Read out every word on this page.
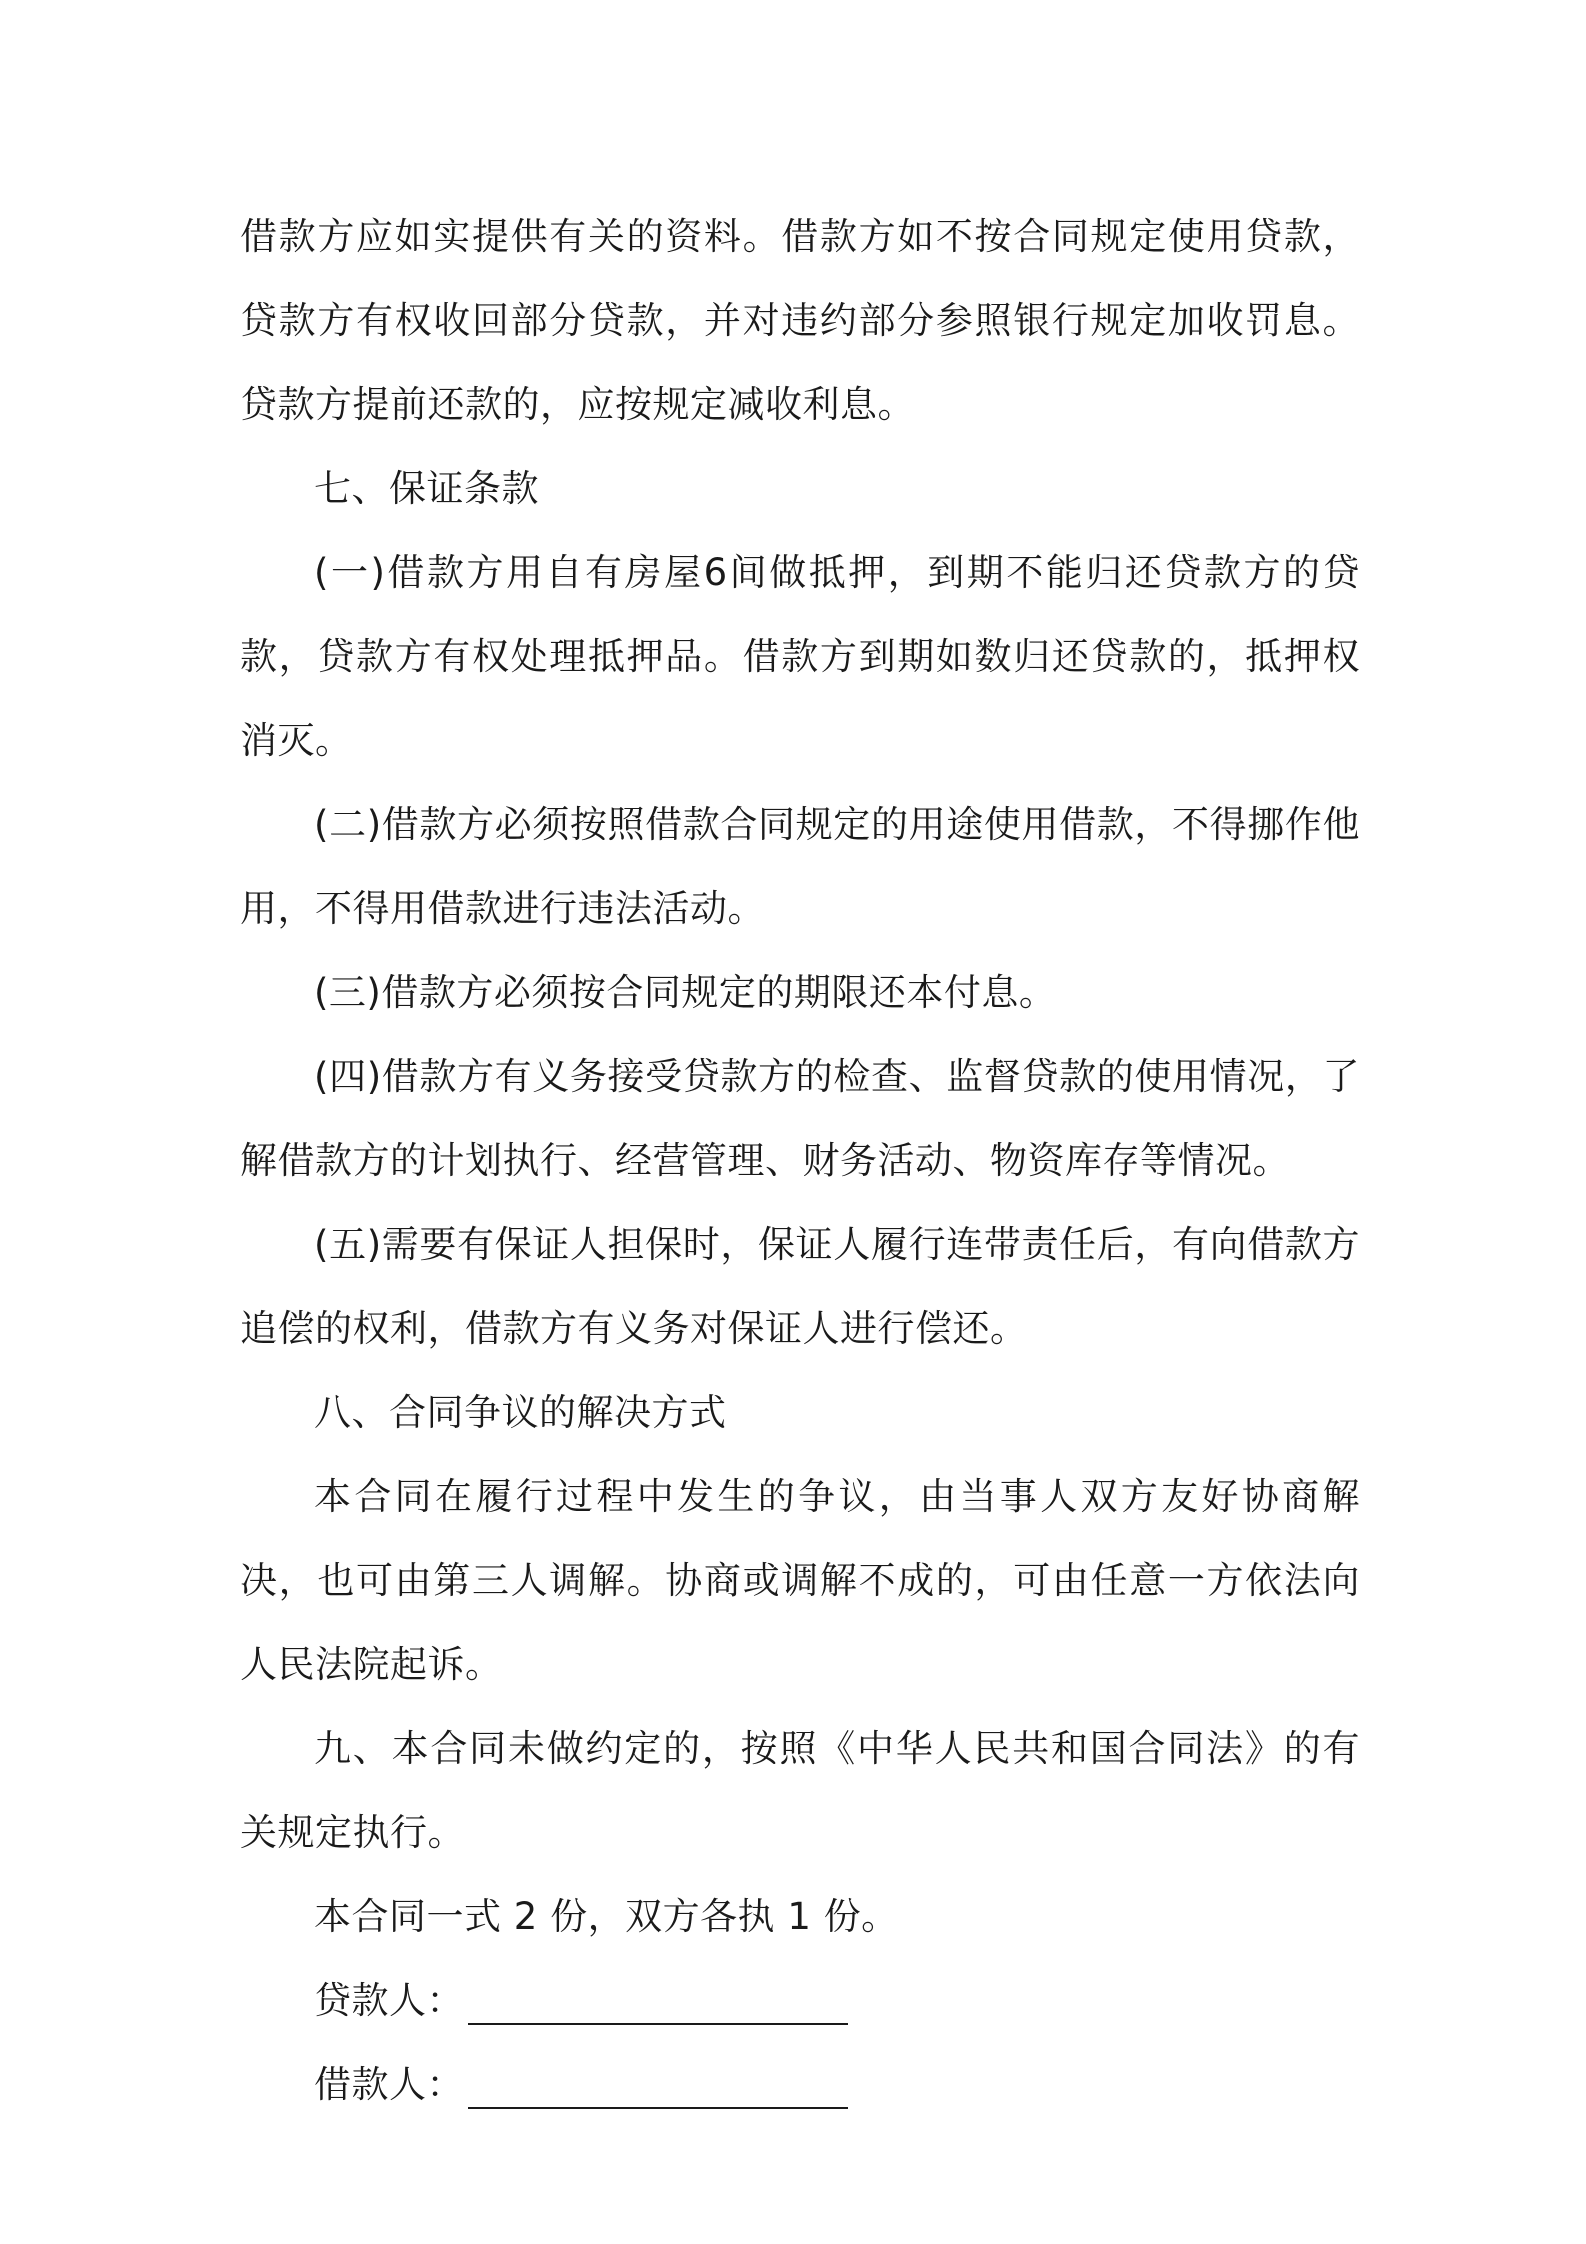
借款方应如实提供有关的资料。借款方如不按合同规定使用贷款，贷款方有权收回部分贷款，并对违约部分参照银行规定加收罚息。贷款方提前还款的，应按规定减收利息。

七、保证条款

(一)借款方用自有房屋6间做抵押，到期不能归还贷款方的贷款，贷款方有权处理抵押品。借款方到期如数归还贷款的，抵押权消灭。

(二)借款方必须按照借款合同规定的用途使用借款，不得挪作他用，不得用借款进行违法活动。

(三)借款方必须按合同规定的期限还本付息。

(四)借款方有义务接受贷款方的检查、监督贷款的使用情况，了解借款方的计划执行、经营管理、财务活动、物资库存等情况。

(五)需要有保证人担保时，保证人履行连带责任后，有向借款方追偿的权利，借款方有义务对保证人进行偿还。

八、合同争议的解决方式

本合同在履行过程中发生的争议，由当事人双方友好协商解决，也可由第三人调解。协商或调解不成的，可由任意一方依法向人民法院起诉。

九、本合同未做约定的，按照《中华人民共和国合同法》的有关规定执行。

本合同一式 2 份，双方各执 1 份。

贷款人：

借款人：
